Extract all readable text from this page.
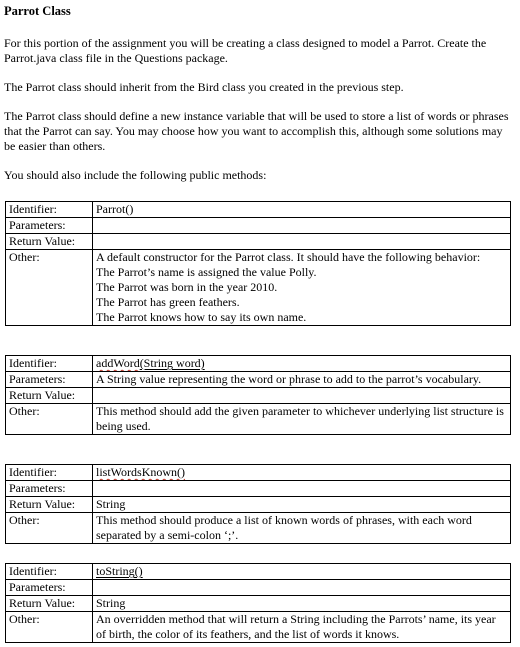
Parrot Class

For this portion of the assignment you will be creating a class designed to model a Parrot. Create the Parrot.java class file in the Questions package.

The Parrot class should inherit from the Bird class you created in the previous step.

The Parrot class should define a new instance variable that will be used to store a list of words or phrases that the Parrot can say. You may choose how you want to accomplish this, although some solutions may be easier than others.

You should also include the following public methods:

Identifier:	Parrot()
Parameters:	
Return Value:	
Other:	A default constructor for the Parrot class. It should have the following behavior:
The Parrot’s name is assigned the value Polly.
The Parrot was born in the year 2010.
The Parrot has green feathers.
The Parrot knows how to say its own name.
Identifier:	addWord(String word)
Parameters:	A String value representing the word or phrase to add to the parrot’s vocabulary.
Return Value:	
Other:	This method should add the given parameter to whichever underlying list structure is being used.
Identifier:	listWordsKnown()
Parameters:	
Return Value:	String
Other:	This method should produce a list of known words of phrases, with each word separated by a semi-colon ‘;’.
Identifier:	toString()
Parameters:	
Return Value:	String
Other:	An overridden method that will return a String including the Parrots’ name, its year of birth, the color of its feathers, and the list of words it knows.
